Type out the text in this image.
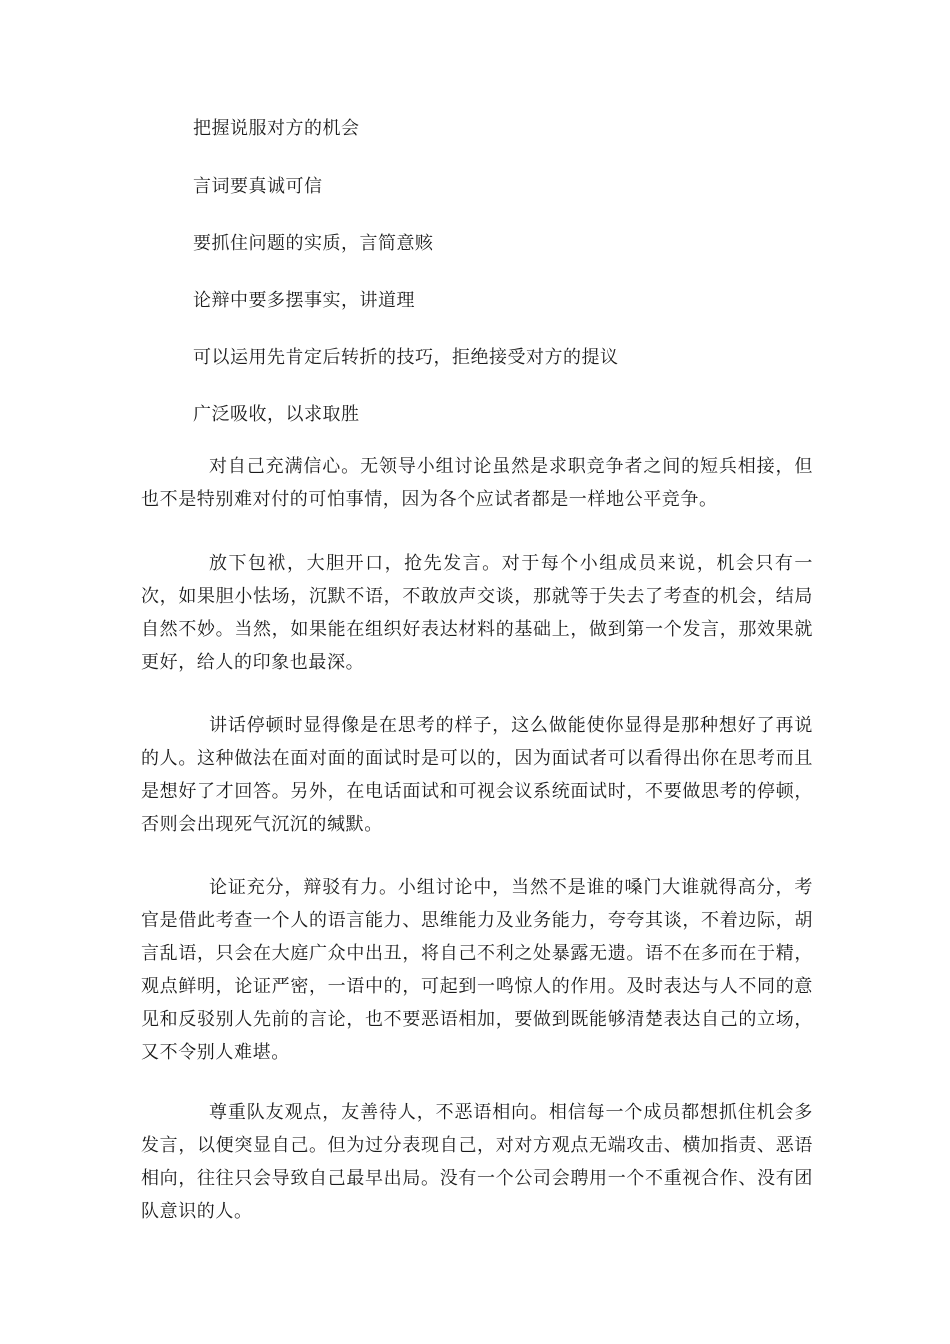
把握说服对方的机会
言词要真诚可信
要抓住问题的实质，言简意赅
论辩中要多摆事实，讲道理
可以运用先肯定后转折的技巧，拒绝接受对方的提议
广泛吸收，以求取胜

对自己充满信心。无领导小组讨论虽然是求职竞争者之间的短兵相接，但也不是特别难对付的可怕事情，因为各个应试者都是一样地公平竞争。

放下包袱，大胆开口，抢先发言。对于每个小组成员来说，机会只有一次，如果胆小怯场，沉默不语，不敢放声交谈，那就等于失去了考查的机会，结局自然不妙。当然，如果能在组织好表达材料的基础上，做到第一个发言，那效果就更好，给人的印象也最深。

讲话停顿时显得像是在思考的样子，这么做能使你显得是那种想好了再说的人。这种做法在面对面的面试时是可以的，因为面试者可以看得出你在思考而且是想好了才回答。另外，在电话面试和可视会议系统面试时，不要做思考的停顿，否则会出现死气沉沉的缄默。

论证充分，辩驳有力。小组讨论中，当然不是谁的嗓门大谁就得高分，考官是借此考查一个人的语言能力、思维能力及业务能力，夸夸其谈，不着边际，胡言乱语，只会在大庭广众中出丑，将自己不利之处暴露无遗。语不在多而在于精，观点鲜明，论证严密，一语中的，可起到一鸣惊人的作用。及时表达与人不同的意见和反驳别人先前的言论，也不要恶语相加，要做到既能够清楚表达自己的立场，又不令别人难堪。

尊重队友观点，友善待人，不恶语相向。相信每一个成员都想抓住机会多发言，以便突显自己。但为过分表现自己，对对方观点无端攻击、横加指责、恶语相向，往往只会导致自己最早出局。没有一个公司会聘用一个不重视合作、没有团队意识的人。
